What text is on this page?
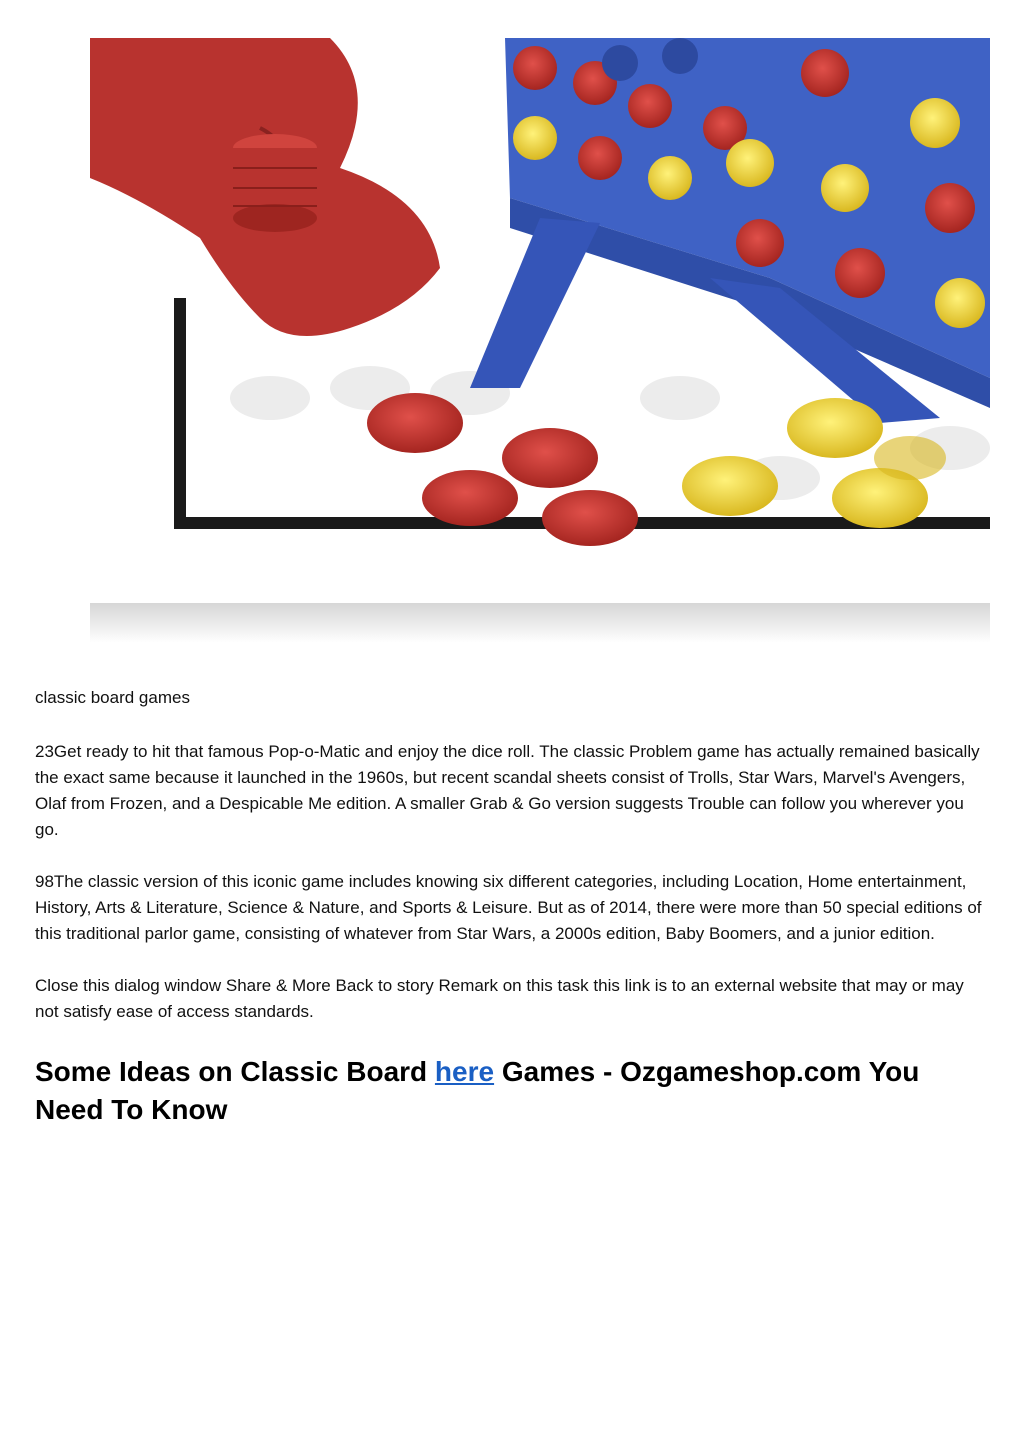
classic board games

23Get ready to hit that famous Pop-o-Matic and enjoy the dice roll. The classic Problem game has actually remained basically the exact same because it launched in the 1960s, but recent scandal sheets consist of Trolls, Star Wars, Marvel's Avengers, Olaf from Frozen, and a Despicable Me edition. A smaller Grab & Go version suggests Trouble can follow you wherever you go.

98The classic version of this iconic game includes knowing six different categories, including Location, Home entertainment, History, Arts & Literature, Science & Nature, and Sports & Leisure. But as of 2014, there were more than 50 special editions of this traditional parlor game, consisting of whatever from Star Wars, a 2000s edition, Baby Boomers, and a junior edition.

Close this dialog window Share & More Back to story Remark on this task this link is to an external website that may or may not satisfy ease of access standards.

Some Ideas on Classic Board here Games - Ozgameshop.com You Need To Know
